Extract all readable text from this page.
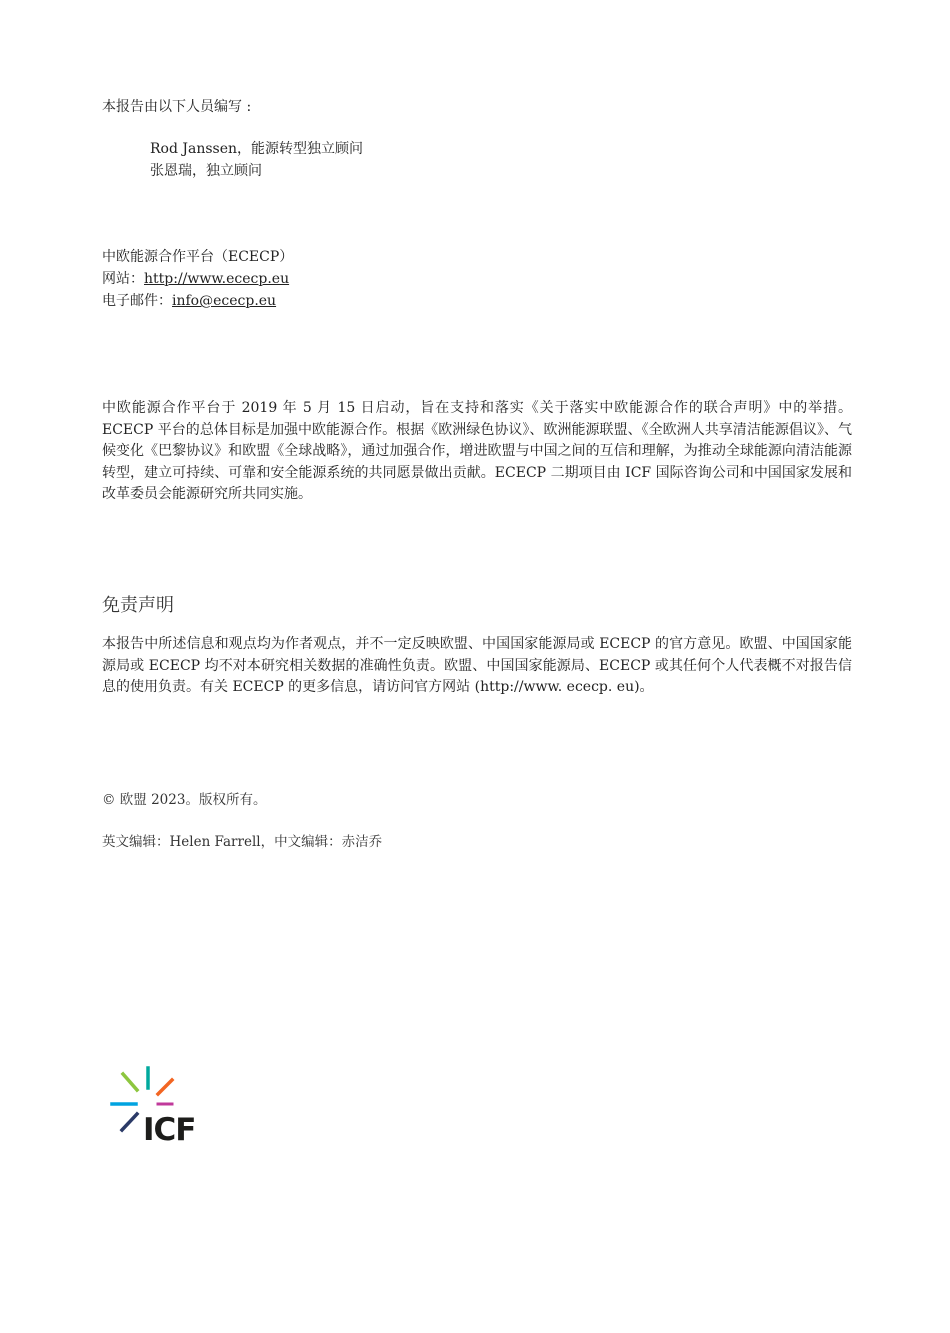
本报告由以下人员编写 :
Rod Janssen，能源转型独立顾问
张恩瑞，独立顾问
中欧能源合作平台（ECECP）
网站：http://www.ececp.eu
电子邮件：info@ececp.eu
中欧能源合作平台于 2019 年 5 月 15 日启动，旨在支持和落实《关于落实中欧能源合作的联合声明》中的举措。ECECP 平台的总体目标是加强中欧能源合作。根据《欧洲绿色协议》、欧洲能源联盟、《全欧洲人共享清洁能源倡议》、气候变化《巴黎协议》和欧盟《全球战略》，通过加强合作，增进欧盟与中国之间的互信和理解，为推动全球能源向清洁能源转型，建立可持续、可靠和安全能源系统的共同愿景做出贡献。ECECP 二期项目由 ICF 国际咨询公司和中国国家发展和改革委员会能源研究所共同实施。
免责声明
本报告中所述信息和观点均为作者观点，并不一定反映欧盟、中国国家能源局或 ECECP 的官方意见。欧盟、中国国家能源局或 ECECP 均不对本研究相关数据的准确性负责。欧盟、中国国家能源局、ECECP 或其任何个人代表概不对报告信息的使用负责。有关 ECECP 的更多信息，请访问官方网站 (http://www. ececp. eu)。
© 欧盟 2023。版权所有。
英文编辑：Helen Farrell，中文编辑：赤洁乔
ICF
